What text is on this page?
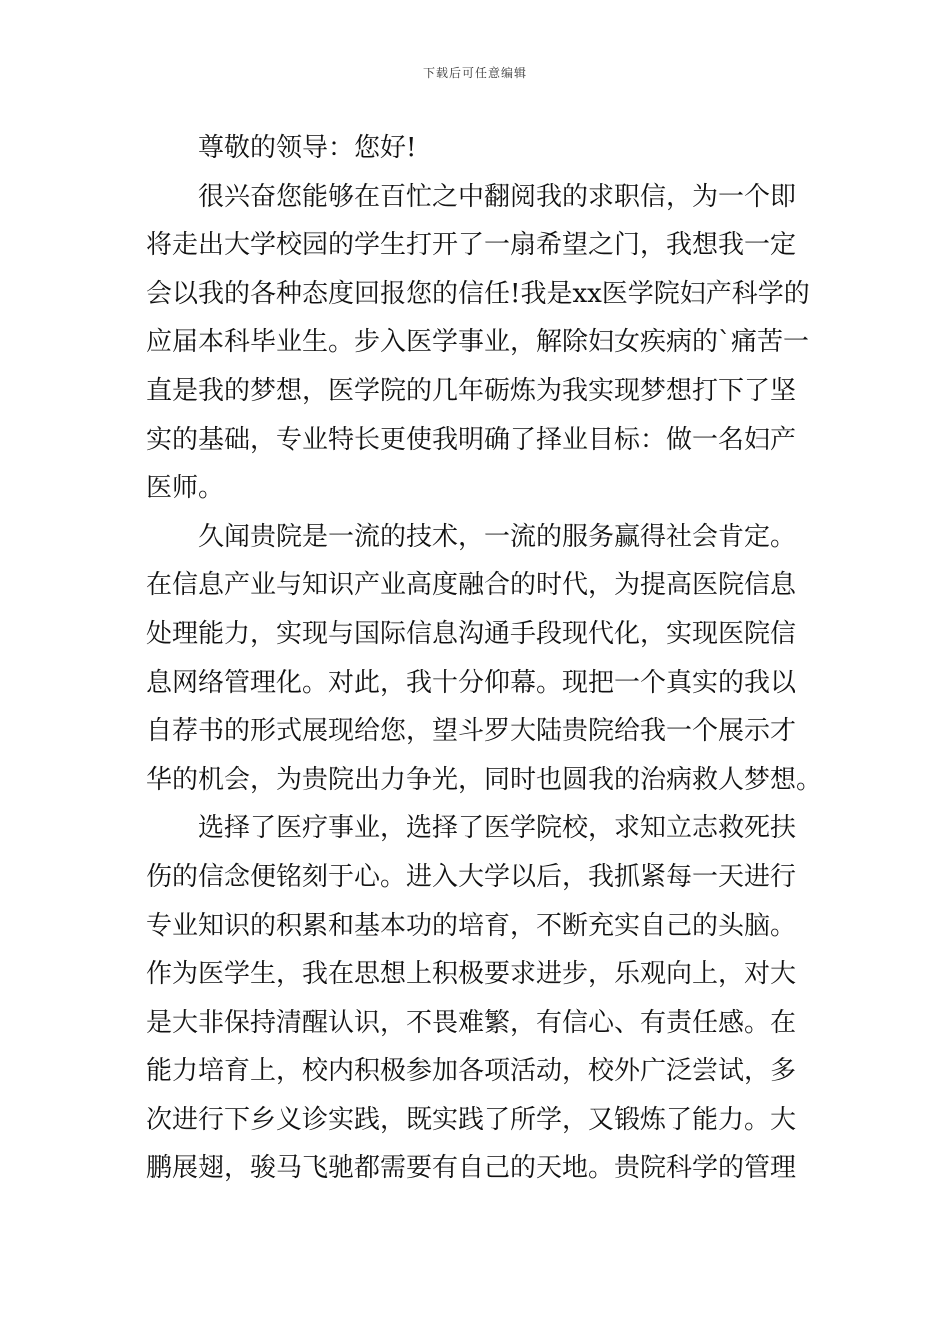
下载后可任意编辑
尊敬的领导：您好!
很兴奋您能够在百忙之中翻阅我的求职信，为一个即
将走出大学校园的学生打开了一扇希望之门，我想我一定
会以我的各种态度回报您的信任!我是xx医学院妇产科学的
应届本科毕业生。步入医学事业，解除妇女疾病的`痛苦一
直是我的梦想，医学院的几年砺炼为我实现梦想打下了坚
实的基础，专业特长更使我明确了择业目标：做一名妇产
医师。
久闻贵院是一流的技术，一流的服务赢得社会肯定。
在信息产业与知识产业高度融合的时代，为提高医院信息
处理能力，实现与国际信息沟通手段现代化，实现医院信
息网络管理化。对此，我十分仰幕。现把一个真实的我以
自荐书的形式展现给您，望斗罗大陆贵院给我一个展示才
华的机会，为贵院出力争光，同时也圆我的治病救人梦想。
选择了医疗事业，选择了医学院校，求知立志救死扶
伤的信念便铭刻于心。进入大学以后，我抓紧每一天进行
专业知识的积累和基本功的培育，不断充实自己的头脑。
作为医学生，我在思想上积极要求进步，乐观向上，对大
是大非保持清醒认识，不畏难繁，有信心、有责任感。在
能力培育上，校内积极参加各项活动，校外广泛尝试，多
次进行下乡义诊实践，既实践了所学，又锻炼了能力。大
鹏展翅，骏马飞驰都需要有自己的天地。贵院科学的管理
